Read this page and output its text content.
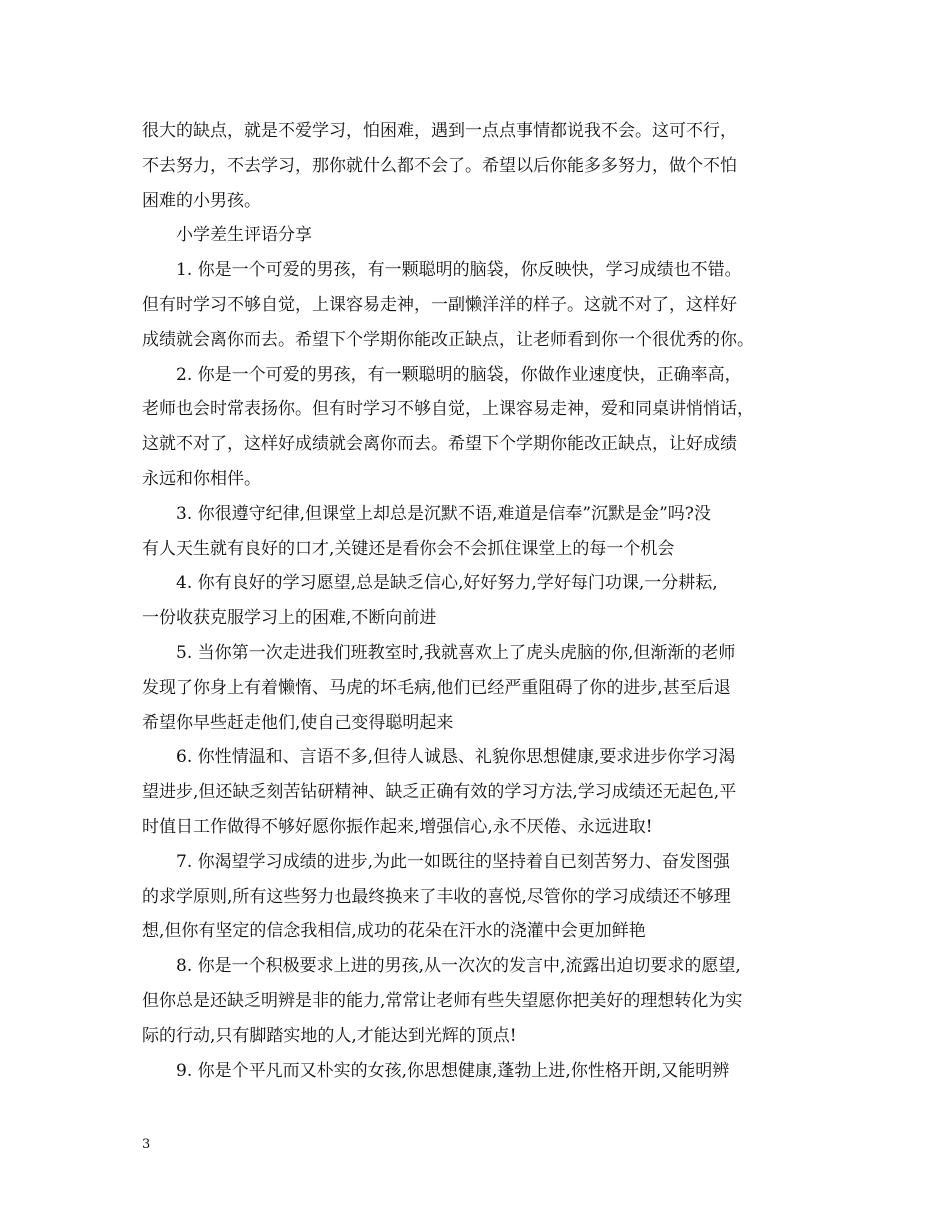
很大的缺点，就是不爱学习，怕困难，遇到一点点事情都说我不会。这可不行，
不去努力，不去学习，那你就什么都不会了。希望以后你能多多努力，做个不怕
困难的小男孩。
小学差生评语分享
1. 你是一个可爱的男孩，有一颗聪明的脑袋，你反映快，学习成绩也不错。
但有时学习不够自觉，上课容易走神，一副懒洋洋的样子。这就不对了，这样好
成绩就会离你而去。希望下个学期你能改正缺点，让老师看到你一个很优秀的你。
2. 你是一个可爱的男孩，有一颗聪明的脑袋，你做作业速度快，正确率高，
老师也会时常表扬你。但有时学习不够自觉，上课容易走神，爱和同桌讲悄悄话，
这就不对了，这样好成绩就会离你而去。希望下个学期你能改正缺点，让好成绩
永远和你相伴。
3. 你很遵守纪律,但课堂上却总是沉默不语,难道是信奉”沉默是金”吗?没
有人天生就有良好的口才,关键还是看你会不会抓住课堂上的每一个机会
4. 你有良好的学习愿望,总是缺乏信心,好好努力,学好每门功课,一分耕耘,
一份收获克服学习上的困难,不断向前进
5. 当你第一次走进我们班教室时,我就喜欢上了虎头虎脑的你,但渐渐的老师
发现了你身上有着懒惰、马虎的坏毛病,他们已经严重阻碍了你的进步,甚至后退
希望你早些赶走他们,使自己变得聪明起来
6. 你性情温和、言语不多,但待人诚恳、礼貌你思想健康,要求进步你学习渴
望进步,但还缺乏刻苦钻研精神、缺乏正确有效的学习方法,学习成绩还无起色,平
时值日工作做得不够好愿你振作起来,增强信心,永不厌倦、永远进取!
7. 你渴望学习成绩的进步,为此一如既往的坚持着自已刻苦努力、奋发图强
的求学原则,所有这些努力也最终换来了丰收的喜悦,尽管你的学习成绩还不够理
想,但你有坚定的信念我相信,成功的花朵在汗水的浇灌中会更加鲜艳
8. 你是一个积极要求上进的男孩,从一次次的发言中,流露出迫切要求的愿望,
但你总是还缺乏明辨是非的能力,常常让老师有些失望愿你把美好的理想转化为实
际的行动,只有脚踏实地的人,才能达到光辉的顶点!
9. 你是个平凡而又朴实的女孩,你思想健康,蓬勃上进,你性格开朗,又能明辨
3
